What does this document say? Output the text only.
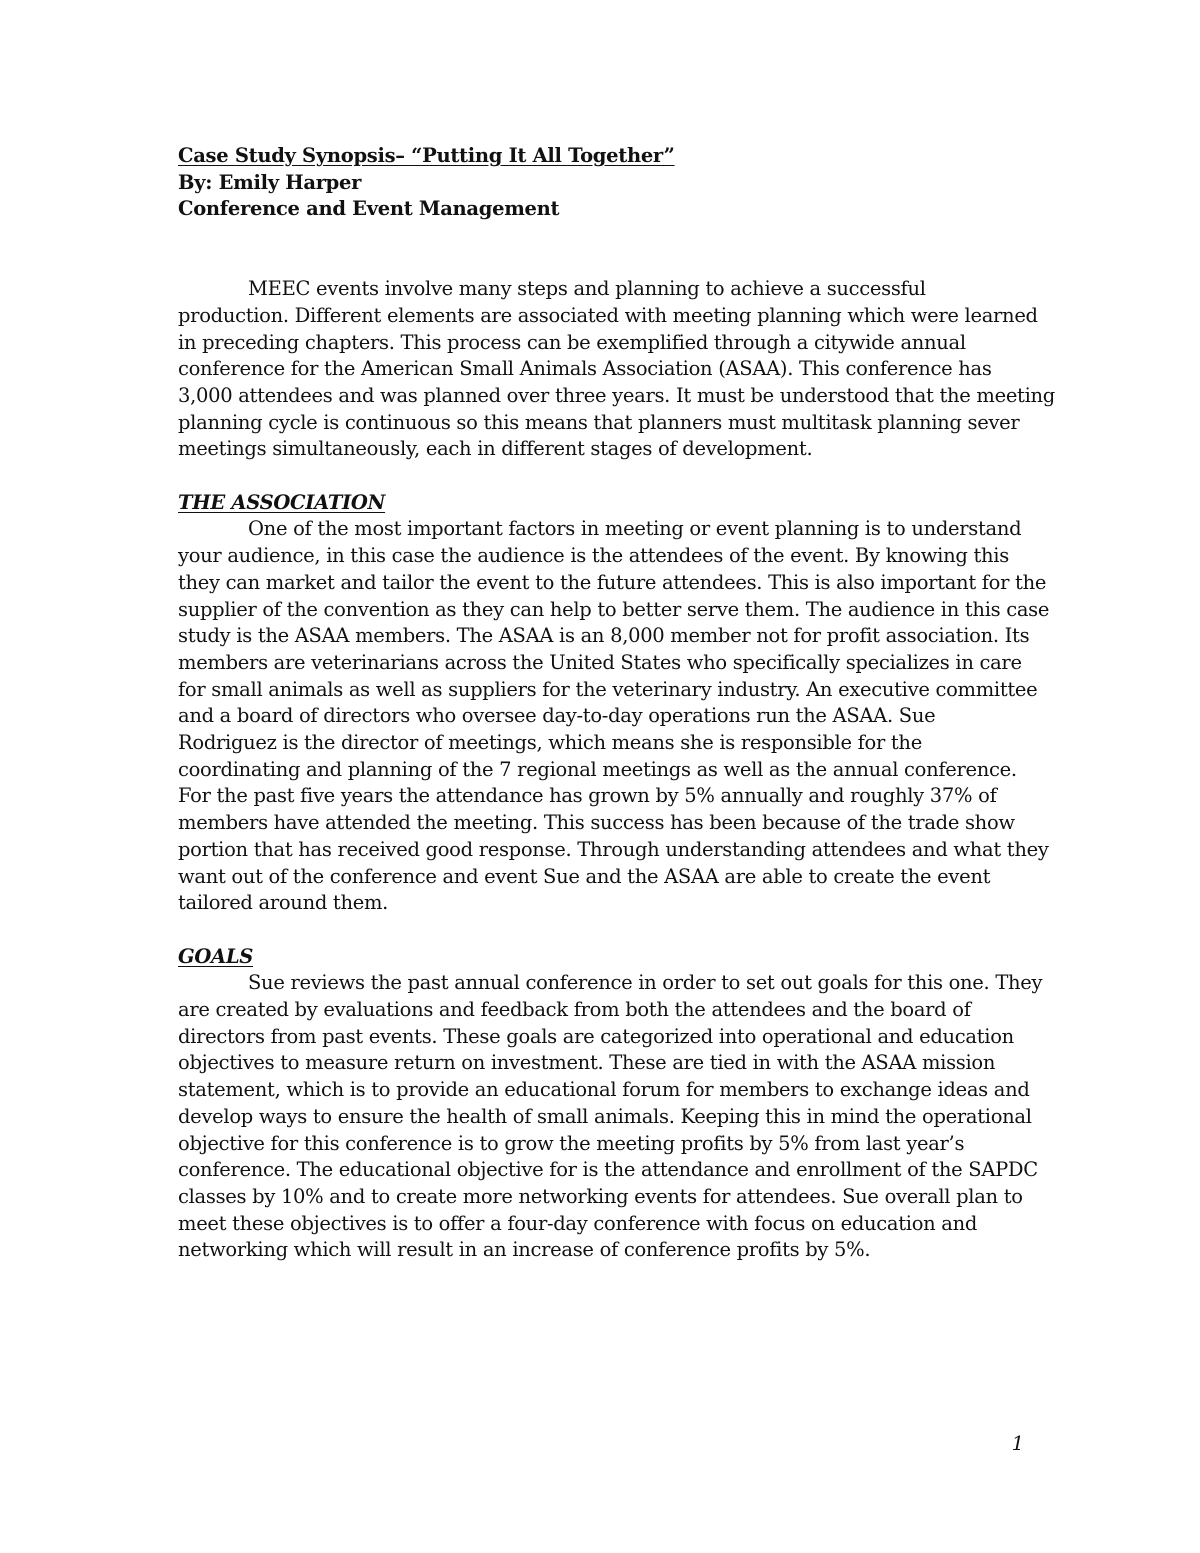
Case Study Synopsis– “Putting It All Together”
By: Emily Harper
Conference and Event Management
MEEC events involve many steps and planning to achieve a successful
production. Different elements are associated with meeting planning which were learned
in preceding chapters. This process can be exemplified through a citywide annual
conference for the American Small Animals Association (ASAA). This conference has
3,000 attendees and was planned over three years. It must be understood that the meeting
planning cycle is continuous so this means that planners must multitask planning sever
meetings simultaneously, each in different stages of development.
THE ASSOCIATION
One of the most important factors in meeting or event planning is to understand
your audience, in this case the audience is the attendees of the event. By knowing this
they can market and tailor the event to the future attendees. This is also important for the
supplier of the convention as they can help to better serve them. The audience in this case
study is the ASAA members. The ASAA is an 8,000 member not for profit association. Its
members are veterinarians across the United States who specifically specializes in care
for small animals as well as suppliers for the veterinary industry. An executive committee
and a board of directors who oversee day-to-day operations run the ASAA. Sue
Rodriguez is the director of meetings, which means she is responsible for the
coordinating and planning of the 7 regional meetings as well as the annual conference.
For the past five years the attendance has grown by 5% annually and roughly 37% of
members have attended the meeting. This success has been because of the trade show
portion that has received good response. Through understanding attendees and what they
want out of the conference and event Sue and the ASAA are able to create the event
tailored around them.
GOALS
Sue reviews the past annual conference in order to set out goals for this one. They
are created by evaluations and feedback from both the attendees and the board of
directors from past events. These goals are categorized into operational and education
objectives to measure return on investment. These are tied in with the ASAA mission
statement, which is to provide an educational forum for members to exchange ideas and
develop ways to ensure the health of small animals. Keeping this in mind the operational
objective for this conference is to grow the meeting profits by 5% from last year’s
conference. The educational objective for is the attendance and enrollment of the SAPDC
classes by 10% and to create more networking events for attendees. Sue overall plan to
meet these objectives is to offer a four-day conference with focus on education and
networking which will result in an increase of conference profits by 5%.
1
